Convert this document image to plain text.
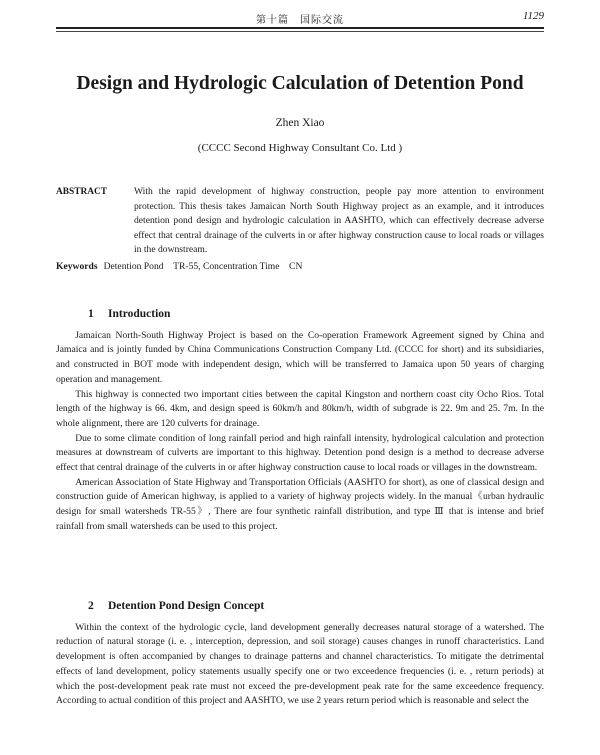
第十篇　国际交流	1129
Design and Hydrologic Calculation of Detention Pond
Zhen Xiao
(CCCC Second Highway Consultant Co. Ltd )
ABSTRACT	With the rapid development of highway construction, people pay more attention to environment protection. This thesis takes Jamaican North South Highway project as an example, and it introduces detention pond design and hydrologic calculation in AASHTO, which can effectively decrease adverse effect that central drainage of the culverts in or after highway construction cause to local roads or villages in the downstream.
Keywords Detention Pond　TR-55, Concentration Time　CN
1 Introduction

Jamaican North-South Highway Project is based on the Co-operation Framework Agreement signed by China and Jamaica and is jointly funded by China Communications Construction Company Ltd. (CCCC for short) and its subsidiaries, and constructed in BOT mode with independent design, which will be transferred to Jamaica upon 50 years of charging operation and management.

This highway is connected two important cities between the capital Kingston and northern coast city Ocho Rios. Total length of the highway is 66. 4km, and design speed is 60km/h and 80km/h, width of subgrade is 22. 9m and 25. 7m. In the whole alignment, there are 120 culverts for drainage.

Due to some climate condition of long rainfall period and high rainfall intensity, hydrological calculation and protection measures at downstream of culverts are important to this highway. Detention pond design is a method to decrease adverse effect that central drainage of the culverts in or after highway construction cause to local roads or villages in the downstream.

American Association of State Highway and Transportation Officials (AASHTO for short), as one of classical design and construction guide of American highway, is applied to a variety of highway projects widely. In the manual《urban hydraulic design for small watersheds TR-55》, There are four synthetic rainfall distribution, and type Ⅲ that is intense and brief rainfall from small watersheds can be used to this project.

2 Detention Pond Design Concept

Within the context of the hydrologic cycle, land development generally decreases natural storage of a watershed. The reduction of natural storage (i. e. , interception, depression, and soil storage) causes changes in runoff characteristics. Land development is often accompanied by changes to drainage patterns and channel characteristics. To mitigate the detrimental effects of land development, policy statements usually specify one or two exceedence frequencies (i. e. , return periods) at which the post-development peak rate must not exceed the pre-development peak rate for the same exceedence frequency. According to actual condition of this project and AASHTO, we use 2 years return period which is reasonable and select the
